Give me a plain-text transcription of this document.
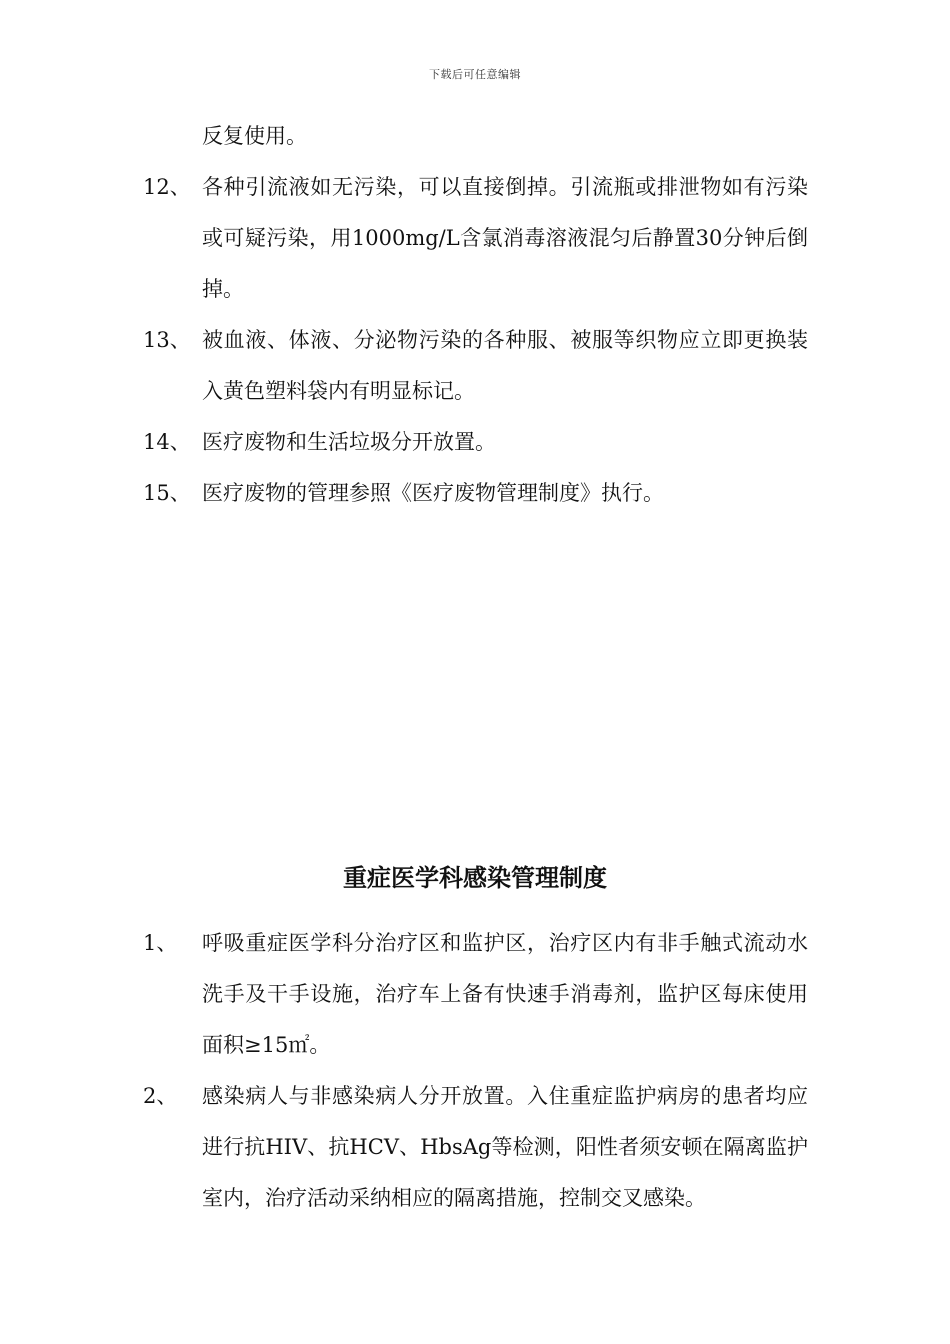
下载后可任意编辑
反复使用。
12、 各种引流液如无污染，可以直接倒掉。引流瓶或排泄物如有污染或可疑污染，用1000mg/L含氯消毒溶液混匀后静置30分钟后倒掉。
13、 被血液、体液、分泌物污染的各种服、被服等织物应立即更换装入黄色塑料袋内有明显标记。
14、 医疗废物和生活垃圾分开放置。
15、 医疗废物的管理参照《医疗废物管理制度》执行。
重症医学科感染管理制度
1、	呼吸重症医学科分治疗区和监护区，治疗区内有非手触式流动水洗手及干手设施，治疗车上备有快速手消毒剂，监护区每床使用面积≥15㎡。
2、	感染病人与非感染病人分开放置。入住重症监护病房的患者均应进行抗HIV、抗HCV、HbsAg等检测，阳性者须安顿在隔离监护室内，治疗活动采纳相应的隔离措施，控制交叉感染。
